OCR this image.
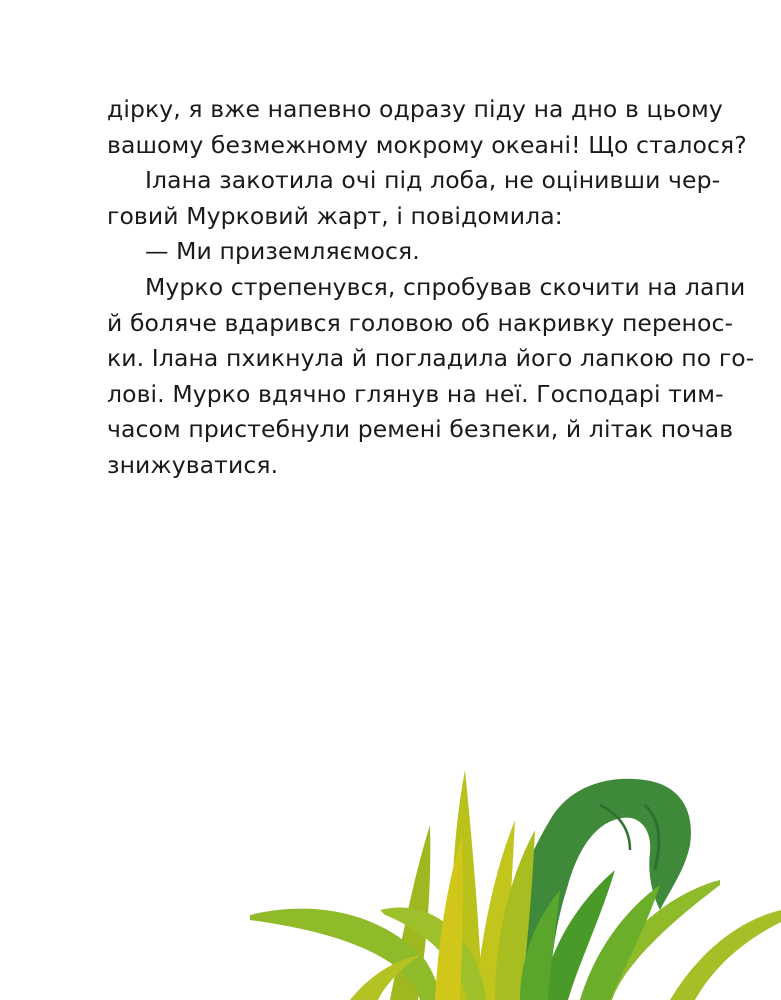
дірку, я вже напевно одразу піду на дно в цьому
вашому безмежному мокрому океані! Що сталося?
Ілана закотила очі під лоба, не оцінивши чер-
говий Мурковий жарт, і повідомила:
— Ми приземляємося.
Мурко стрепенувся, спробував скочити на лапи
й боляче вдарився головою об накривку перенос-
ки. Ілана пхикнула й погладила його лапкою по го-
лові. Мурко вдячно глянув на неї. Господарі тим-
часом пристебнули ремені безпеки, й літак почав
знижуватися.
